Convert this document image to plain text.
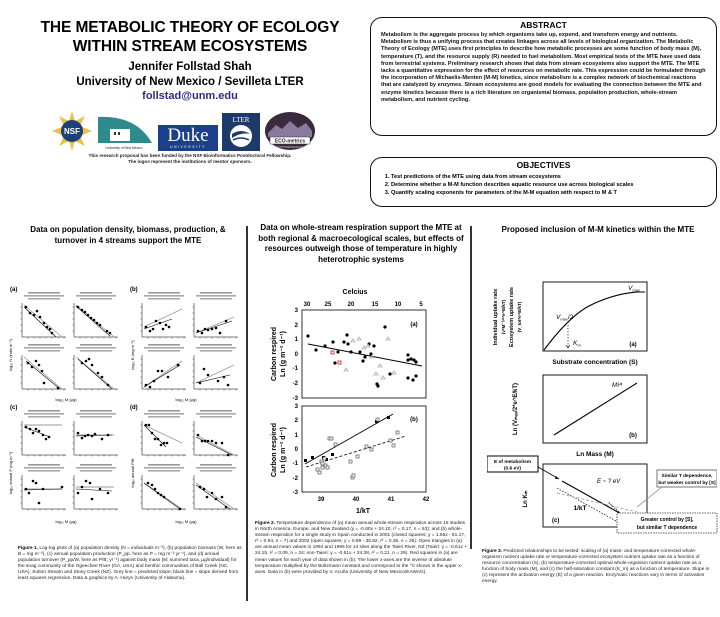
THE METABOLIC THEORY OF ECOLOGY
WITHIN STREAM ECOSYSTEMS
Jennifer Follstad Shah
University of New Mexico / Sevilleta LTER
follstad@unm.edu
NSF
University of New Mexico
Duke
UNIVERSITY
LTER
ECO-metrics
ECOSYSTEM ECOLOGY
This research proposal has been funded by the NSF Bioinformatics Postdoctoral Fellowship.
The logos represent the institutions of mentor sponsors.
ABSTRACT

Metabolism is the aggregate process by which organisms take up, expend, and transform energy and nutrients. Metabolism is thus a unifying process that creates linkages across all levels of biological organization. The Metabolic Theory of Ecology (MTE) uses first principles to describe how metabolic processes are some function of body mass (M), temperature (T), and the resource supply (R) needed to fuel metabolism. Most empirical tests of the MTE have used data from terrestrial systems. Preliminary research shows that data from stream ecosystems also support the MTE. The MTE lacks a quantitative expression for the effect of resources on metabolic rate. This expression could be formulated through the incorporation of Michaelis-Menten (M-M) kinetics, since metabolism is a complex network of biochemical reactions that are catalyzed by enzymes. Stream ecosystems are good models for evaluating the connection between the MTE and enzyme kinetics because there is a rich literature on organismal biomass, population production, whole-stream metabolism, and nutrient cycling.

OBJECTIVES
1. Test predictions of the MTE using data from stream ecosystems
2. Determine whether a M-M function describes aquatic resource use across biological scales
3. Quantify scaling exponents for parameters of the M-M equation with respect to M & T
Data on population density, biomass, production, & turnover in 4 streams support the MTE
Data on whole-stream respiration support the MTE at both regional & macroecological scales, but effects of resources outweigh those of temperature in highly heterotrophic systems
Proposed inclusion of M-M kinetics within the MTE
(a)
log₁₀ N (indiv m⁻²)
log₁₀ M (µg)
(b)
log₁₀ B (mg m⁻²)
log₁₀ M (µg)
(c)
log₁₀ annual P (mg m⁻²)
log₁₀ M (µg)
(d)
log₁₀ annual P/B
log₁₀ M (µg)
Figure 1. Log-log plots of (a) population density (N = individuals m⁻²), (b) population biomass (W, here as B = mg m⁻²), (c) annual population production (P_pp, here as P = mg m⁻² yr⁻¹), and (d) annual population turnover (P_pp/W, here as P/B; yr⁻¹) against body mass (M; summed taxa, µg/individual) for the snag community of the Ogeechee River (GA, USA) and benthic communities of Ball Creek (NC, USA), Sutton Stream and Stony Creek (NZ). Grey line = predicted slope; black line = slope derived from least squares regression. Data & graphics by A. Huryn (University of Alabama).
Celcius
30 25	20	15	10	5
3
2
1
0
-1
-2
-3
Carbon respired Ln (g m⁻² d⁻¹)
(a)
3
2
1
0
-1
-2
-3
39	40	41	42
1/kT
Carbon respired Ln (g m⁻² d⁻¹)
(b)
Figure 2. Temperature dependence of (a) mean annual whole-stream respiration across 15 studies in North America, Europe, and New Zealand (y = -0.60x + 24.10, r² = 0.17, n = 53); and (b) whole-stream respiration for a single study in Spain conducted in 2001 (closed squares; y = 1.55x - 61.17, r² = 0.94, n = 7) and 2002 (open squares; y = 0.89 - 35.82, r² = 0.35, n = 26). Open triangles in (a) are annual mean values in 1994 and 1995 for 14 sites along the Taieri River, NZ (Taieri: y = -0.61x + 24.15, r² = 0.09, n = 24; non-Taieri: y = -0.61x + 24.38, r² = 0.21, n = 29). Red squares in (a) are mean values for each year of data shown in (b). The lower x-axes are the inverse of absolute temperature multiplied by the Boltzmann constant and correspond to the °C shown in the upper x-axes. Data in (b) were provided by V. Acuña (University of New Mexico/EAWAG).
$V_{max}$
$V_{max}/2$
$K_m$	(a)
Substrate concentration (S)
Individual uptake rate (v*M⁻³⁄⁴*e^E/kT) Ecosystem uptake rate (V_tot*e^E/kT)
M³⁄⁴
(b)
Ln Mass (M)
Ln (Vₘₐₓ/2*e^E/kT)
E ~ ? eV
(c)
Ln Kₘ
E of metabolism
(0.6 eV)
Similar T dependence,
but weaker control by [S]
Greater control by [S],
but similar T dependence
1/kT
Figure 3. Predicted relationships to be tested: scaling of (a) mass- and temperature-corrected whole-organism nutrient uptake rate or temperature-corrected ecosystem nutrient uptake rate as a function of resource concentration (S), (b) temperature-corrected optimal whole-organism nutrient uptake rate as a function of body mass (M), and (c) the half-saturation constant (K_m) as a function of temperature. Slope in (c) represent the activation energy (E) of a given reaction. Enzymatic reactions vary in terms of activation energy.
